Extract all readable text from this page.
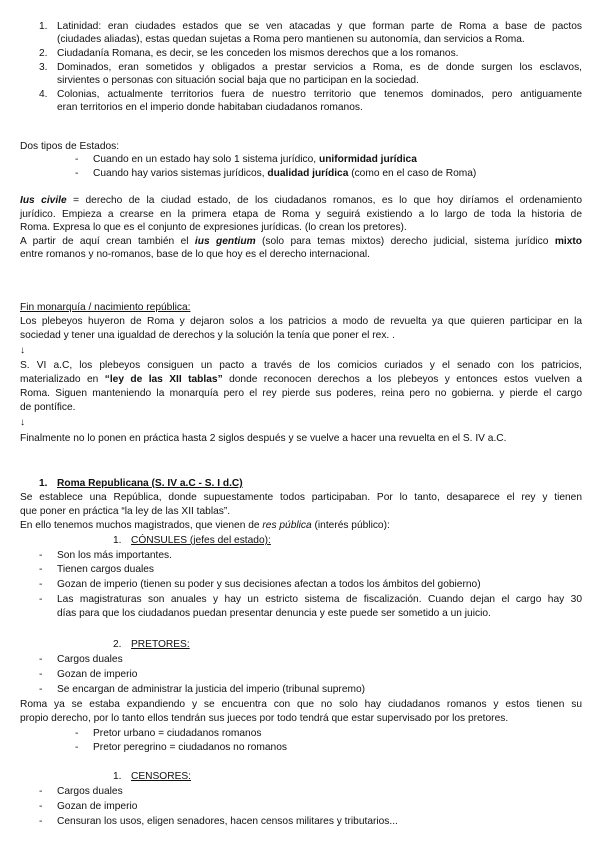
1. Latinidad: eran ciudades estados que se ven atacadas y que forman parte de Roma a base de pactos
(ciudades aliadas), estas quedan sujetas a Roma pero mantienen su autonomía, dan servicios a Roma.
2. Ciudadanía Romana, es decir, se les conceden los mismos derechos que a los romanos.
3. Dominados, eran sometidos y obligados a prestar servicios a Roma, es de donde surgen los esclavos,
sirvientes o personas con situación social baja que no participan en la sociedad.
4. Colonias, actualmente territorios fuera de nuestro territorio que tenemos dominados, pero antiguamente
eran territorios en el imperio donde habitaban ciudadanos romanos.
Dos tipos de Estados:
- Cuando en un estado hay solo 1 sistema jurídico, uniformidad jurídica
- Cuando hay varios sistemas jurídicos, dualidad jurídica (como en el caso de Roma)
Ius civile = derecho de la ciudad estado, de los ciudadanos romanos, es lo que hoy diríamos el ordenamiento
jurídico. Empieza a crearse en la primera etapa de Roma y seguirá existiendo a lo largo de toda la historia de
Roma. Expresa lo que es el conjunto de expresiones jurídicas. (lo crean los pretores).
A partir de aquí crean también el ius gentium (solo para temas mixtos) derecho judicial, sistema jurídico mixto
entre romanos y no-romanos, base de lo que hoy es el derecho internacional.
Fin monarquía / nacimiento república:
Los plebeyos huyeron de Roma y dejaron solos a los patricios a modo de revuelta ya que quieren participar en la
sociedad y tener una igualdad de derechos y la solución la tenía que poner el rex. .
↓
S. VI a.C, los plebeyos consiguen un pacto a través de los comicios curiados y el senado con los patricios,
materializado en “ley de las XII tablas” donde reconocen derechos a los plebeyos y entonces estos vuelven a
Roma. Siguen manteniendo la monarquía pero el rey pierde sus poderes, reina pero no gobierna. y pierde el cargo
de pontífice.
↓
Finalmente no lo ponen en práctica hasta 2 siglos después y se vuelve a hacer una revuelta en el S. IV a.C.
1. Roma Republicana (S. IV a.C - S. I d.C)
Se establece una República, donde supuestamente todos participaban. Por lo tanto, desaparece el rey y tienen
que poner en práctica “la ley de las XII tablas”.
En ello tenemos muchos magistrados, que vienen de res pública (interés público):
1. CÓNSULES (jefes del estado):
- Son los más importantes.
- Tienen cargos duales
- Gozan de imperio (tienen su poder y sus decisiones afectan a todos los ámbitos del gobierno)
- Las magistraturas son anuales y hay un estricto sistema de fiscalización. Cuando dejan el cargo hay 30
días para que los ciudadanos puedan presentar denuncia y este puede ser sometido a un juicio.
2. PRETORES:
- Cargos duales
- Gozan de imperio
- Se encargan de administrar la justicia del imperio (tribunal supremo)
Roma ya se estaba expandiendo y se encuentra con que no solo hay ciudadanos romanos y estos tienen su
propio derecho, por lo tanto ellos tendrán sus jueces por todo tendrá que estar supervisado por los pretores.
- Pretor urbano = ciudadanos romanos
- Pretor peregrino = ciudadanos no romanos
1. CENSORES:
- Cargos duales
- Gozan de imperio
- Censuran los usos, eligen senadores, hacen censos militares y tributarios...
